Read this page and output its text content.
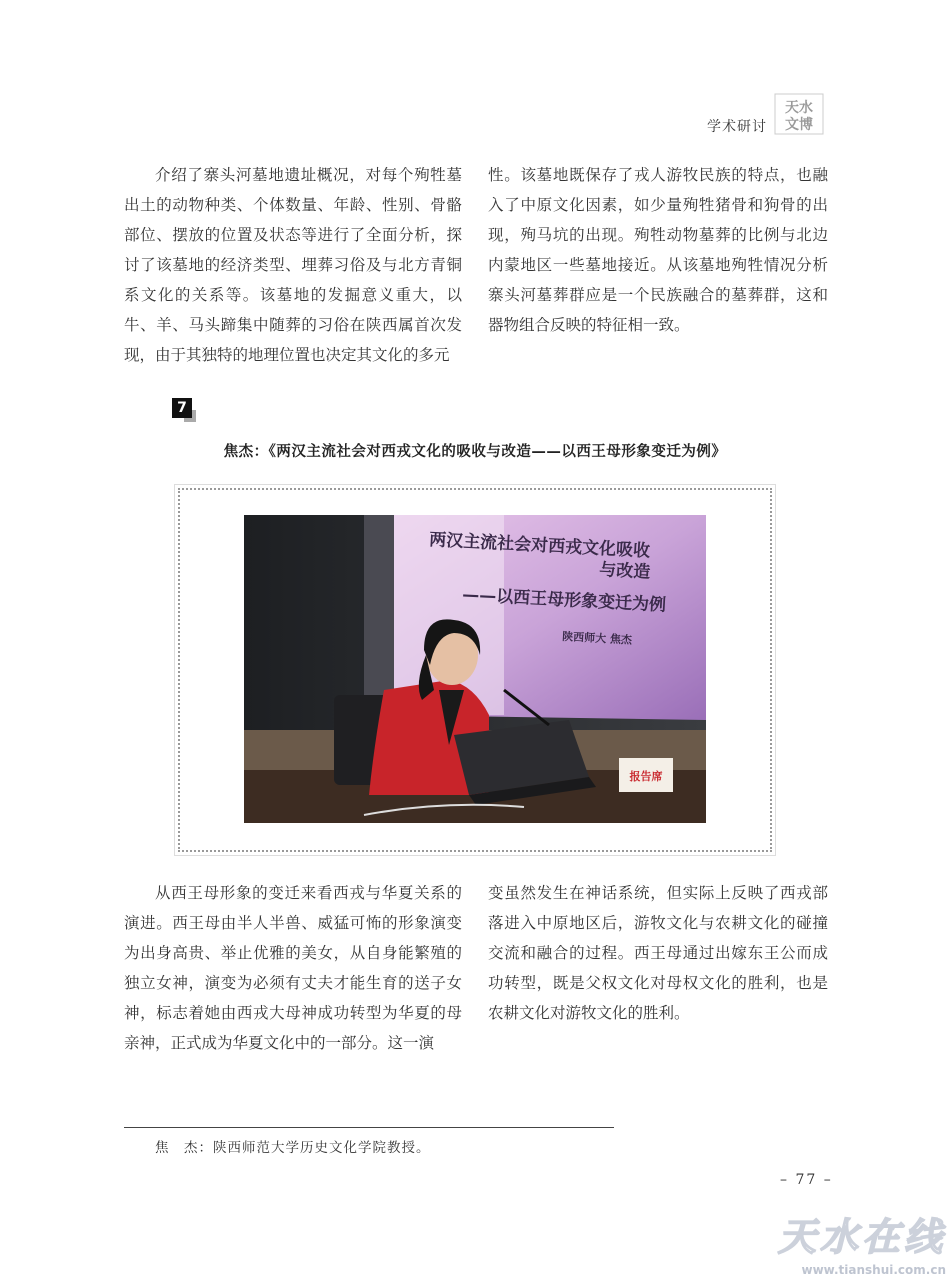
学术研讨
天水
文博

介绍了寨头河墓地遗址概况，对每个殉牲墓出土的动物种类、个体数量、年龄、性别、骨骼部位、摆放的位置及状态等进行了全面分析，探讨了该墓地的经济类型、埋葬习俗及与北方青铜系文化的关系等。该墓地的发掘意义重大，以牛、羊、马头蹄集中随葬的习俗在陕西属首次发现，由于其独特的地理位置也决定其文化的多元

性。该墓地既保存了戎人游牧民族的特点，也融入了中原文化因素，如少量殉牲猪骨和狗骨的出现，殉马坑的出现。殉牲动物墓葬的比例与北边内蒙地区一些墓地接近。从该墓地殉牲情况分析寨头河墓葬群应是一个民族融合的墓葬群，这和器物组合反映的特征相一致。

7
焦杰：《两汉主流社会对西戎文化的吸收与改造——以西王母形象变迁为例》
两汉主流社会对西戎文化吸收
与改造
——以西王母形象变迁为例
陕西师大 焦杰
报告席

从西王母形象的变迁来看西戎与华夏关系的演进。西王母由半人半兽、威猛可怖的形象演变为出身高贵、举止优雅的美女，从自身能繁殖的独立女神，演变为必须有丈夫才能生育的送子女神，标志着她由西戎大母神成功转型为华夏的母亲神，正式成为华夏文化中的一部分。这一演

变虽然发生在神话系统，但实际上反映了西戎部落进入中原地区后，游牧文化与农耕文化的碰撞交流和融合的过程。西王母通过出嫁东王公而成功转型，既是父权文化对母权文化的胜利，也是农耕文化对游牧文化的胜利。

焦　杰：陕西师范大学历史文化学院教授。
– 77 –
天水在线
www.tianshui.com.cn
